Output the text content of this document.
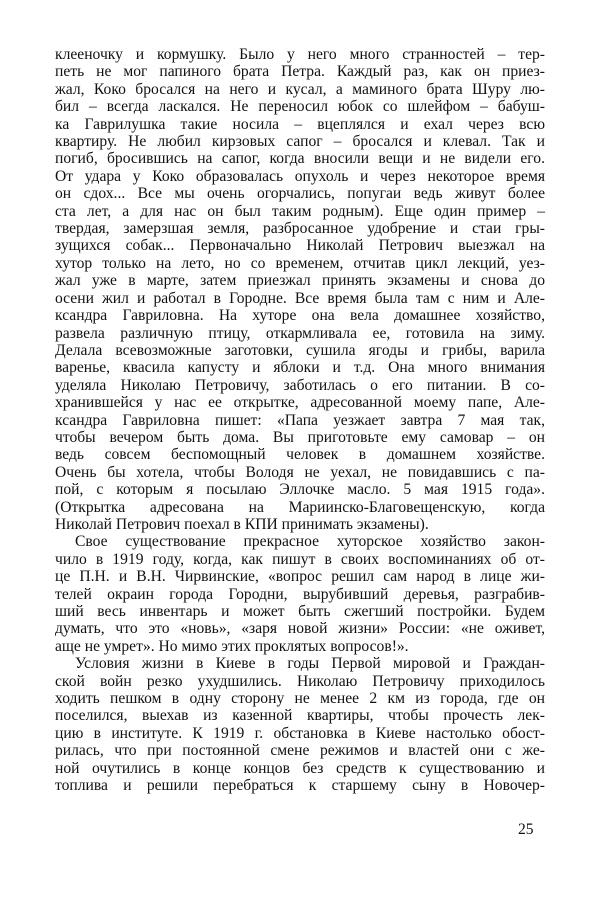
клееночку и кормушку. Было у него много странностей – тер-
петь не мог папиного брата Петра. Каждый раз, как он приез-
жал, Коко бросался на него и кусал, а маминого брата Шуру лю-
бил – всегда ласкался. Не переносил юбок со шлейфом – бабуш-
ка Гаврилушка такие носила – вцеплялся и ехал через всю
квартиру. Не любил кирзовых сапог – бросался и клевал. Так и
погиб, бросившись на сапог, когда вносили вещи и не видели его.
От удара у Коко образовалась опухоль и через некоторое время
он сдох... Все мы очень огорчались, попугаи ведь живут более
ста лет, а для нас он был таким родным). Еще один пример –
твердая, замерзшая земля, разбросанное удобрение и стаи гры-
зущихся собак... Первоначально Николай Петрович выезжал на
хутор только на лето, но со временем, отчитав цикл лекций, уез-
жал уже в марте, затем приезжал принять экзамены и снова до
осени жил и работал в Городне. Все время была там с ним и Але-
ксандра Гавриловна. На хуторе она вела домашнее хозяйство,
развела различную птицу, откармливала ее, готовила на зиму.
Делала всевозможные заготовки, сушила ягоды и грибы, варила
варенье, квасила капусту и яблоки и т.д. Она много внимания
уделяла Николаю Петровичу, заботилась о его питании. В со-
хранившейся у нас ее открытке, адресованной моему папе, Але-
ксандра Гавриловна пишет: «Папа уезжает завтра 7 мая так,
чтобы вечером быть дома. Вы приготовьте ему самовар – он
ведь совсем беспомощный человек в домашнем хозяйстве.
Очень бы хотела, чтобы Володя не уехал, не повидавшись с па-
пой, с которым я посылаю Эллочке масло. 5 мая 1915 года».
(Открытка адресована на Мариинско-Благовещенскую, когда
Николай Петрович поехал в КПИ принимать экзамены).
Свое существование прекрасное хуторское хозяйство закон-
чило в 1919 году, когда, как пишут в своих воспоминаниях об от-
це П.Н. и В.Н. Чирвинские, «вопрос решил сам народ в лице жи-
телей окраин города Городни, вырубивший деревья, разграбив-
ший весь инвентарь и может быть сжегший постройки. Будем
думать, что это «новь», «заря новой жизни» России: «не оживет,
аще не умрет». Но мимо этих проклятых вопросов!».
Условия жизни в Киеве в годы Первой мировой и Граждан-
ской войн резко ухудшились. Николаю Петровичу приходилось
ходить пешком в одну сторону не менее 2 км из города, где он
поселился, выехав из казенной квартиры, чтобы прочесть лек-
цию в институте. К 1919 г. обстановка в Киеве настолько обост-
рилась, что при постоянной смене режимов и властей они с же-
ной очутились в конце концов без средств к существованию и
топлива и решили перебраться к старшему сыну в Новочер-
25
